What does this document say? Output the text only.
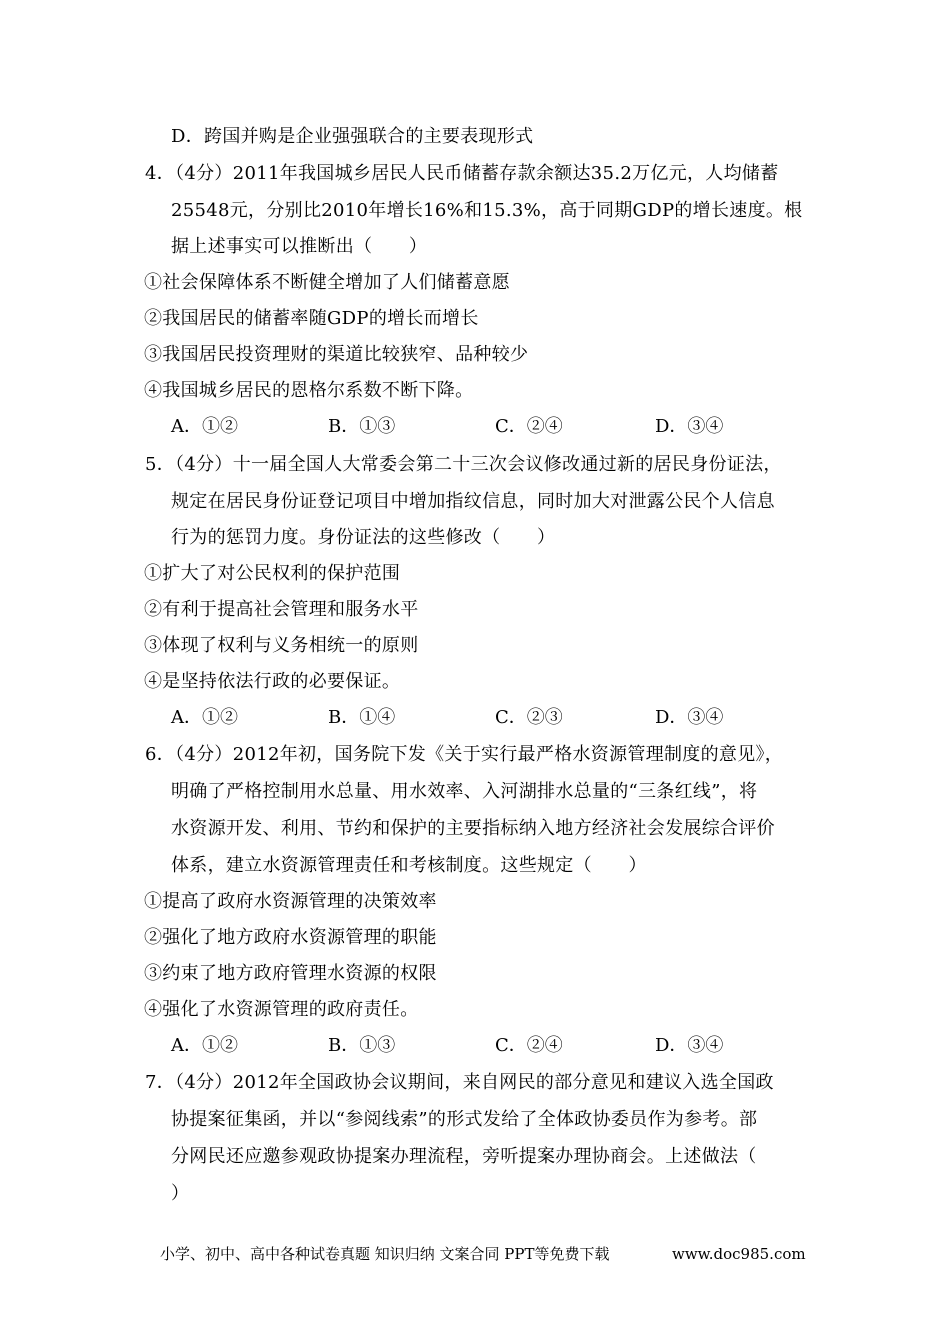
D．跨国并购是企业强强联合的主要表现形式
4．（4分）2011年我国城乡居民人民币储蓄存款余额达35.2万亿元，人均储蓄
25548元，分别比2010年增长16%和15.3%，高于同期GDP的增长速度。根
据上述事实可以推断出（　　）
①社会保障体系不断健全增加了人们储蓄意愿
②我国居民的储蓄率随GDP的增长而增长
③我国居民投资理财的渠道比较狭窄、品种较少
④我国城乡居民的恩格尔系数不断下降。
A．①②	B．①③	C．②④	D．③④
5．（4分）十一届全国人大常委会第二十三次会议修改通过新的居民身份证法，
规定在居民身份证登记项目中增加指纹信息，同时加大对泄露公民个人信息
行为的惩罚力度。身份证法的这些修改（　　）
①扩大了对公民权利的保护范围
②有利于提高社会管理和服务水平
③体现了权利与义务相统一的原则
④是坚持依法行政的必要保证。
A．①②	B．①④	C．②③	D．③④
6．（4分）2012年初，国务院下发《关于实行最严格水资源管理制度的意见》，
明确了严格控制用水总量、用水效率、入河湖排水总量的“三条红线”，将
水资源开发、利用、节约和保护的主要指标纳入地方经济社会发展综合评价
体系，建立水资源管理责任和考核制度。这些规定（　　）
①提高了政府水资源管理的决策效率
②强化了地方政府水资源管理的职能
③约束了地方政府管理水资源的权限
④强化了水资源管理的政府责任。
A．①②	B．①③	C．②④	D．③④
7．（4分）2012年全国政协会议期间，来自网民的部分意见和建议入选全国政
协提案征集函，并以“参阅线索”的形式发给了全体政协委员作为参考。部
分网民还应邀参观政协提案办理流程，旁听提案办理协商会。上述做法（
）
小学、初中、高中各种试卷真题 知识归纳 文案合同 PPT等免费下载	www.doc985.com
